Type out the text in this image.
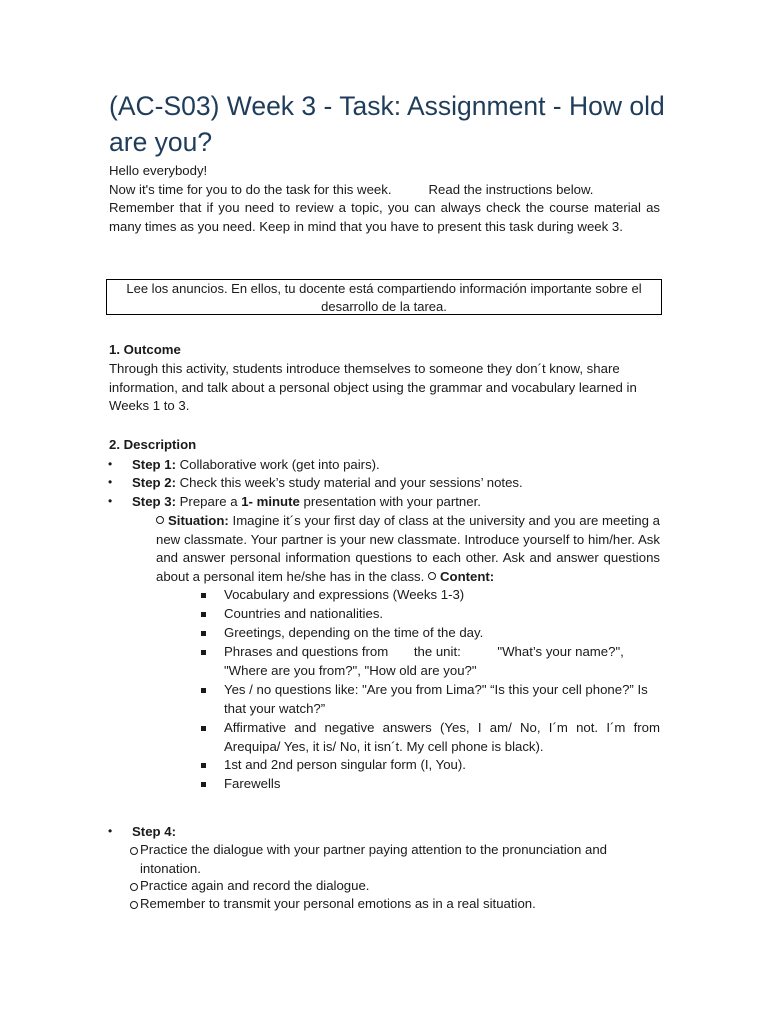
(AC-S03) Week 3 - Task: Assignment - How old are you?

Hello everybody!

Now it's time for you to do the task for this week.	Read the instructions below.

Remember that if you need to review a topic, you can always check the course material as many times as you need. Keep in mind that you have to present this task during week 3.

Lee los anuncios. En ellos, tu docente está compartiendo información importante sobre el desarrollo de la tarea.

1. Outcome

Through this activity, students introduce themselves to someone they don´t know, share information, and talk about a personal object using the grammar and vocabulary learned in Weeks 1 to 3.

2. Description

• Step 1: Collaborative work (get into pairs).
• Step 2: Check this week’s study material and your sessions’ notes.
• Step 3: Prepare a 1- minute presentation with your partner.
Situation: Imagine it´s your first day of class at the university and you are meeting a new classmate. Your partner is your new classmate. Introduce yourself to him/her. Ask and answer personal information questions to each other. Ask and answer questions about a personal item he/she has in the class. Content:
Vocabulary and expressions (Weeks 1-3)
Countries and nationalities.
Greetings, depending on the time of the day.
Phrases and questions from       the unit:          "What’s your name?", "Where are you from?", "How old are you?"
Yes / no questions like: "Are you from Lima?" “Is this your cell phone?” Is that your watch?”
Affirmative and negative answers (Yes, I am/ No, I´m not. I´m from Arequipa/ Yes, it is/ No, it isn´t. My cell phone is black).
1st and 2nd person singular form (I, You).
Farewells
• Step 4:
Practice the dialogue with your partner paying attention to the pronunciation and intonation.
Practice again and record the dialogue.
Remember to transmit your personal emotions as in a real situation.
